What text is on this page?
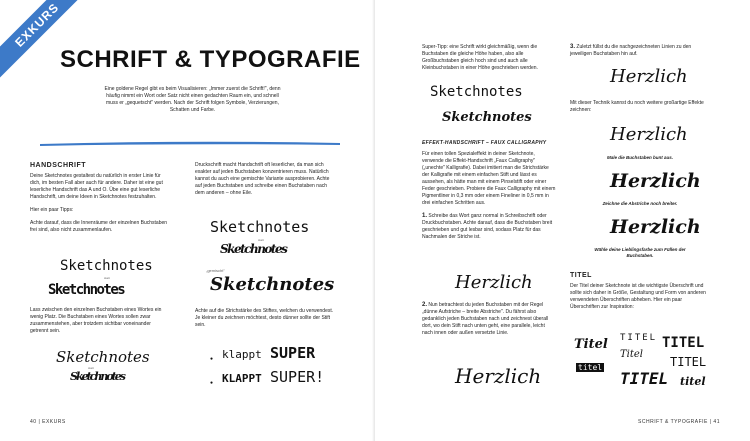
EXKURS
SCHRIFT & TYPOGRAFIE
Eine goldene Regel gibt es beim Visualisieren: „Immer zuerst die Schrift!", denn häufig nimmt ein Wort oder Satz nicht einen gedachten Raum ein, und schnell muss er „gequetscht" werden. Nach der Schrift folgen Symbole, Verzierungen, Schatten und Farbe.
HANDSCHRIFT

Deine Sketchnotes gestaltest du natürlich in erster Linie für dich, im besten Fall aber auch für andere. Daher ist eine gut leserliche Handschrift das A und O. Übe eine gut leserliche Handschrift, um deine Ideen in Sketchnotes festzuhalten.

Hier ein paar Tipps:

Achte darauf, dass die Innenräume der einzelnen Buchstaben frei sind, also nicht zusammenlaufen.

Sketchnotes
statt
Sketchnotes

Lass zwischen den einzelnen Buchstaben eines Wortes ein wenig Platz. Die Buchstaben eines Wortes sollen zwar zusammenstehen, aber trotzdem sichtbar voneinander getrennt sein.

Sketchnotes
statt
Sketchnotes

Druckschrift macht Handschrift oft leserlicher, da man sich exakter auf jeden Buchstaben konzentrieren muss. Natürlich kannst du auch eine gemischte Variante ausprobieren. Achte auf jeden Buchstaben und schreibe einen Buchstaben nach dem anderen – ohne Eile.

Sketchnotes
statt
Sketchnotes
„gemischt"
Sketchnotes

Achte auf die Strichstärke des Stiftes, welchen du verwendest. Je kleiner du zeichnen möchtest, desto dünner sollte der Stift sein.

● klappt SUPER
● KLAPPT SUPER!
40 | EXKURS

Super-Tipp: eine Schrift wirkt gleichmäßig, wenn die Buchstaben die gleiche Höhe haben, also alle Großbuchstaben gleich hoch sind und auch alle Kleinbuchstaben in einer Höhe geschrieben werden.

Sketchnotes
Sketchnotes
EFFEKT-HANDSCHRIFT – FAUX CALLIGRAPHY

Für einen tollen Spezialeffekt in deiner Sketchnote, verwende die Effekt-Handschrift „Faux Calligraphy" („unechte" Kalligrafie). Dabei imitiert man die Strichstärke der Kalligrafie mit einem einfachen Stift und lässt es aussehen, als hätte man mit einem Pinselstift oder einer Feder geschrieben. Probiere die Faux Calligraphy mit einem Pigmentliner in 0,3 mm oder einem Fineliner in 0,5 mm in drei einfachen Schritten aus.

1. Schreibe das Wort ganz normal in Schreibschrift oder Druckbuchstaben. Achte darauf, dass die Buchstaben breit geschrieben und gut lesbar sind, sodass Platz für das Nachmalen der Striche ist.

Herzlich

2. Nun betrachtest du jeden Buchstaben mit der Regel „dünne Aufstriche – breite Abstriche". Du fährst also gedanklich jeden Buchstaben nach und zeichnest überall dort, wo dein Stift nach unten geht, eine parallele, leicht nach innen oder außen versetzte Linie.

Herzlich

3. Zuletzt füllst du die nachgezeichneten Linien zu den jeweiligen Buchstaben hin auf.

Herzlich

Mit dieser Technik kannst du noch weitere großartige Effekte zeichnen:

Herzlich
Male die Buchstaben bunt aus.
Herzlich
Zeichne die Abstriche noch breiter.
Herzlich
Wähle deine Lieblingsfarbe zum Füllen der Buchstaben.
TITEL

Der Titel deiner Sketchnote ist die wichtigste Überschrift und sollte sich daher in Größe, Gestaltung und Form von anderen verwendeten Überschriften abheben. Hier ein paar Überschriften zur Inspiration:

Titel TITEL TITEL
Titel
TITEL
titel
TITEL titel
SCHRIFT & TYPOGRAFIE | 41
